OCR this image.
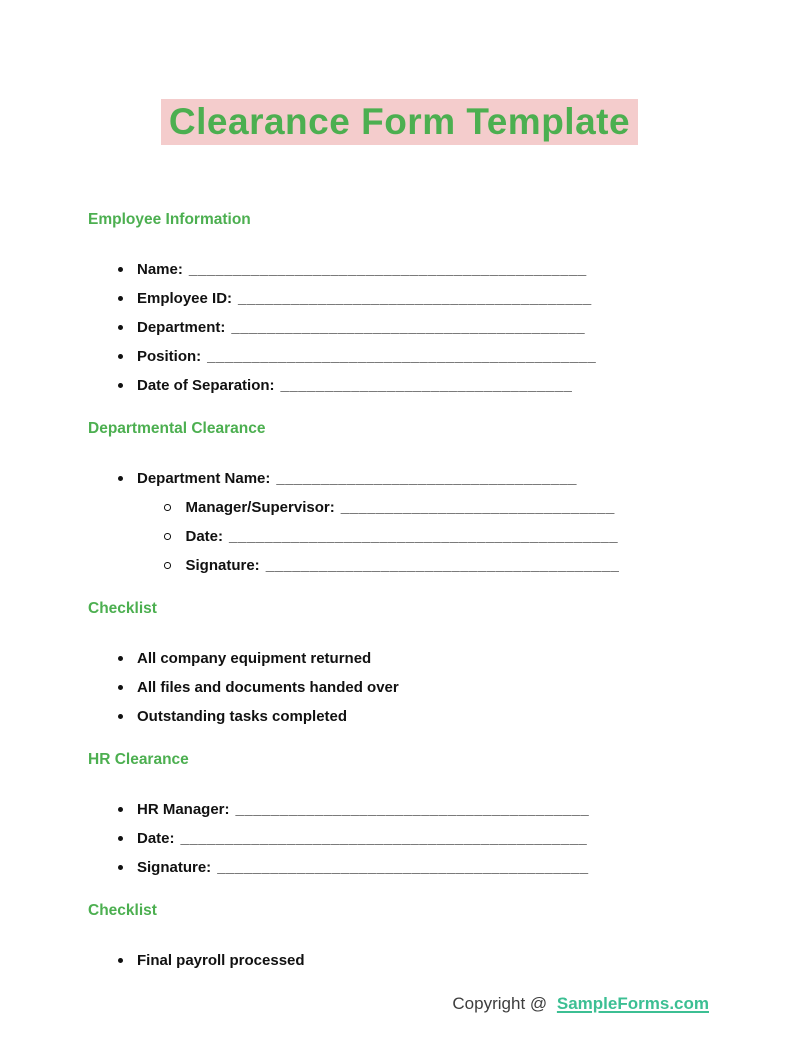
Clearance Form Template
Employee Information
Name: _____________________________________________
Employee ID: ________________________________________
Department: ________________________________________
Position: ____________________________________________
Date of Separation: _________________________________
Departmental Clearance
Department Name: __________________________________
Manager/Supervisor: _______________________________
Date: ____________________________________________
Signature: ________________________________________
Checklist
All company equipment returned
All files and documents handed over
Outstanding tasks completed
HR Clearance
HR Manager: ________________________________________
Date: ______________________________________________
Signature: __________________________________________
Checklist
Final payroll processed
Copyright @ SampleForms.com
